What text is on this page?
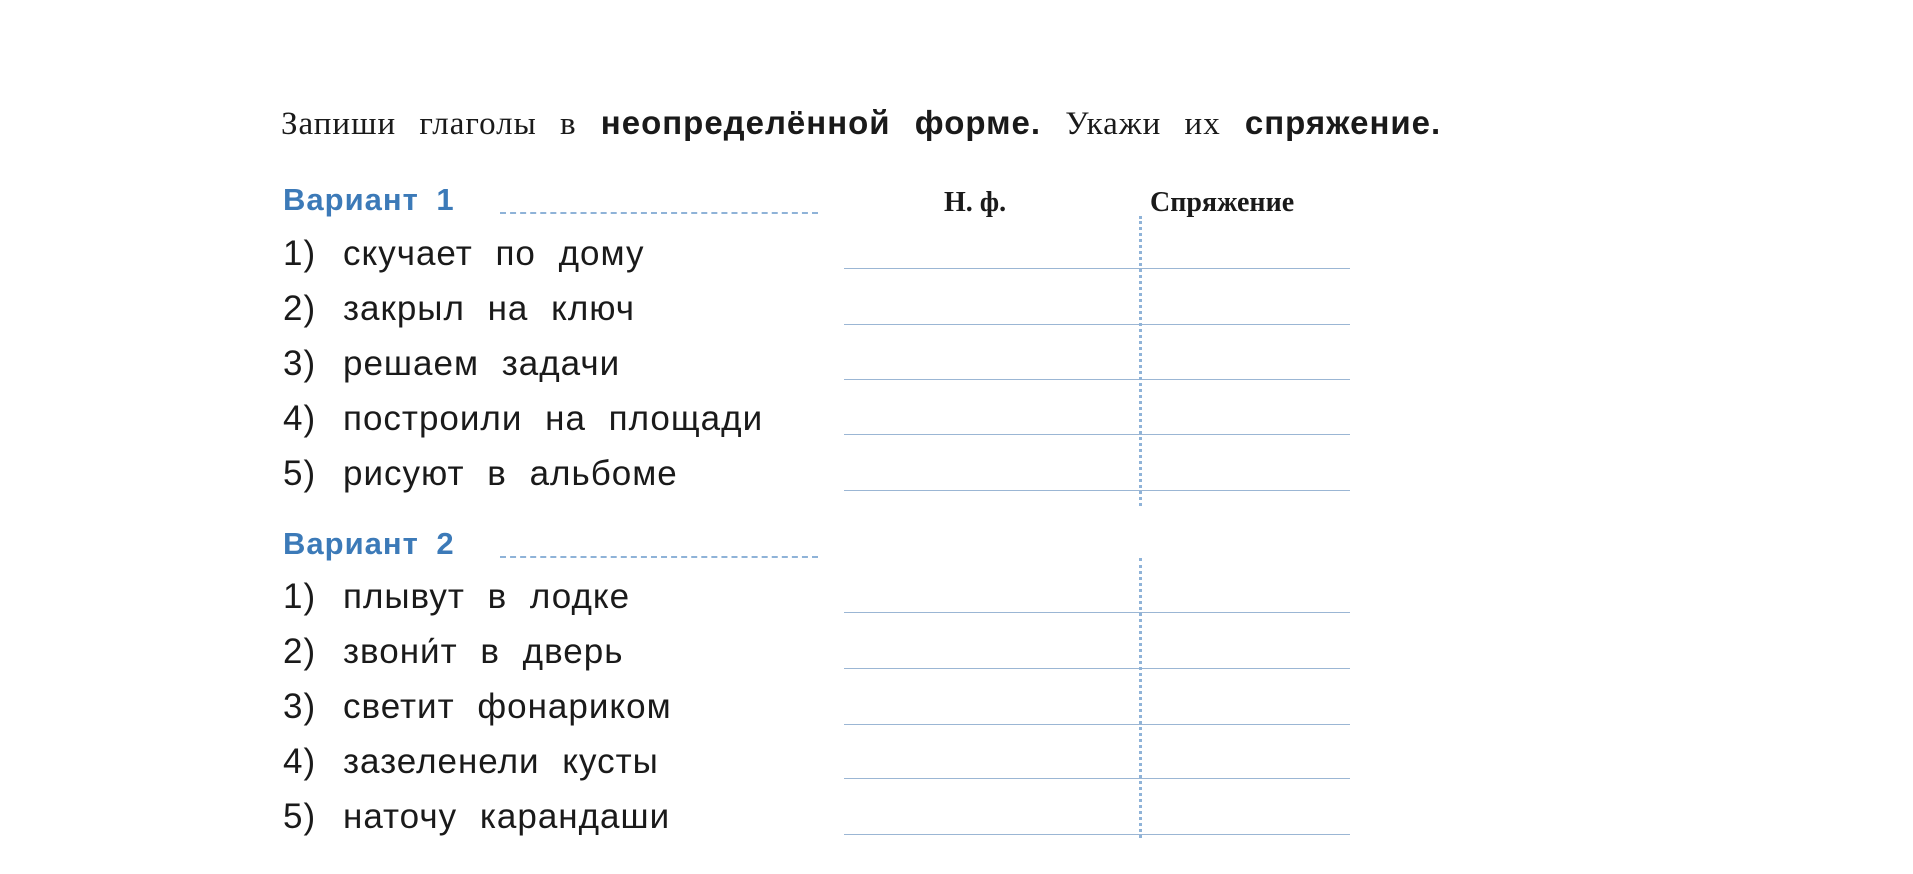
Запиши глаголы в неопределённой форме. Укажи их спряжение.
Н. ф.	Спряжение
Вариант 1
1) скучает по дому
2) закрыл на ключ
3) решаем задачи
4) построили на площади
5) рисуют в альбоме
Вариант 2
1) плывут в лодке
2) звони́т в дверь
3) светит фонариком
4) зазеленели кусты
5) наточу карандаши
